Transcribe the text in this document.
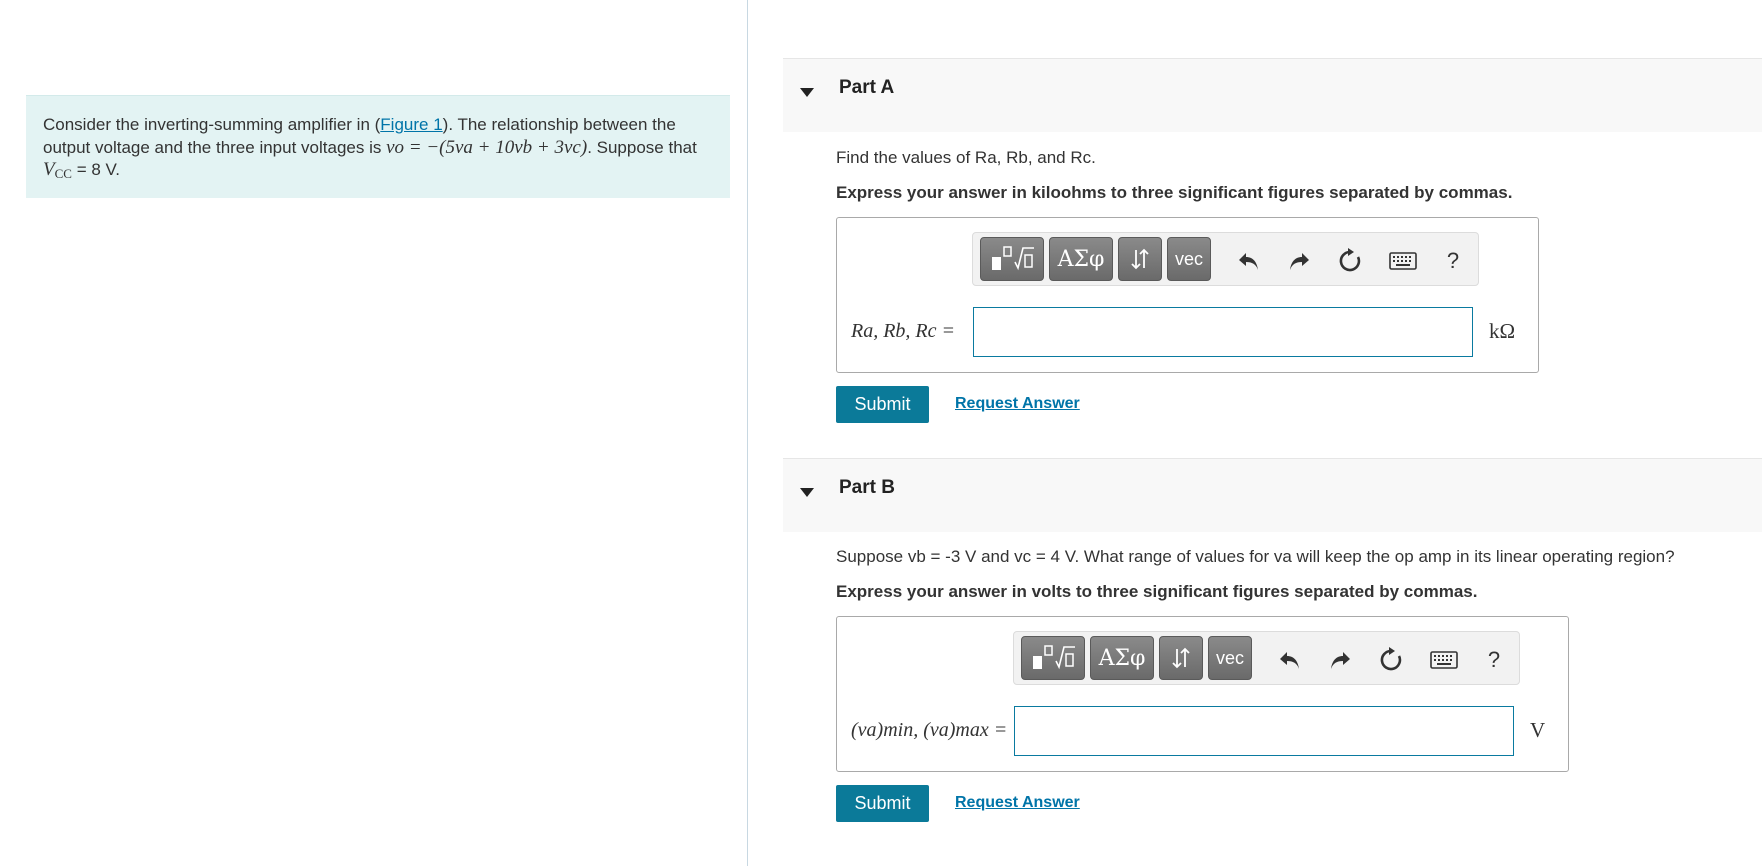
Consider the inverting-summing amplifier in (Figure 1). The relationship between the output voltage and the three input voltages is vo = −(5va + 10vb + 3vc). Suppose that $V_{CC} = 8$ V.
Part A
Find the values of Ra, Rb, and Rc.
Express your answer in kiloohms to three significant figures separated by commas.
ΑΣφ	vec	?
Ra, Rb, Rc =	kΩ
Submit	Request Answer
Part B
Suppose vb = -3 V and vc = 4 V. What range of values for va will keep the op amp in its linear operating region?
Express your answer in volts to three significant figures separated by commas.
ΑΣφ	vec	?
(va)min, (va)max =	V
Submit	Request Answer
